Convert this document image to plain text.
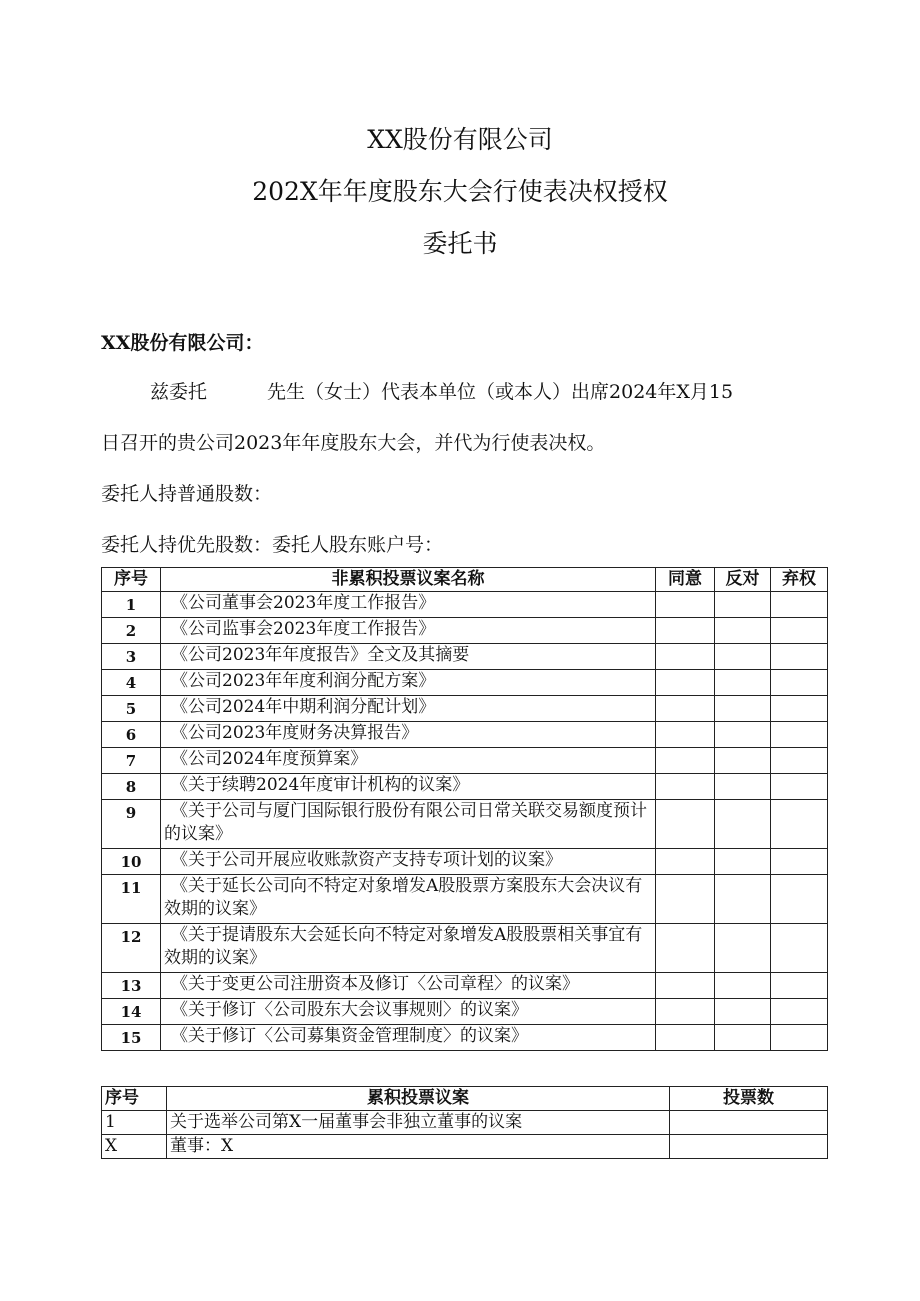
XX股份有限公司
202X年年度股东大会行使表决权授权
委托书
XX股份有限公司：
兹委托	先生（女士）代表本单位（或本人）出席2024年X月15
日召开的贵公司2023年年度股东大会，并代为行使表决权。
委托人持普通股数：
委托人持优先股数：委托人股东账户号：
序号	非累积投票议案名称	同意	反对	弃权
1	《公司董事会2023年度工作报告》			
2	《公司监事会2023年度工作报告》			
3	《公司2023年年度报告》全文及其摘要			
4	《公司2023年年度利润分配方案》			
5	《公司2024年中期利润分配计划》			
6	《公司2023年度财务决算报告》			
7	《公司2024年度预算案》			
8	《关于续聘2024年度审计机构的议案》			
9	《关于公司与厦门国际银行股份有限公司日常关联交易额度预计的议案》			
10	《关于公司开展应收账款资产支持专项计划的议案》			
11	《关于延长公司向不特定对象增发A股股票方案股东大会决议有效期的议案》			
12	《关于提请股东大会延长向不特定对象增发A股股票相关事宜有效期的议案》			
13	《关于变更公司注册资本及修订〈公司章程〉的议案》			
14	《关于修订〈公司股东大会议事规则〉的议案》			
15	《关于修订〈公司募集资金管理制度〉的议案》			
序号	累积投票议案	投票数
1	关于选举公司第X一届董事会非独立董事的议案	
X	董事：X	
